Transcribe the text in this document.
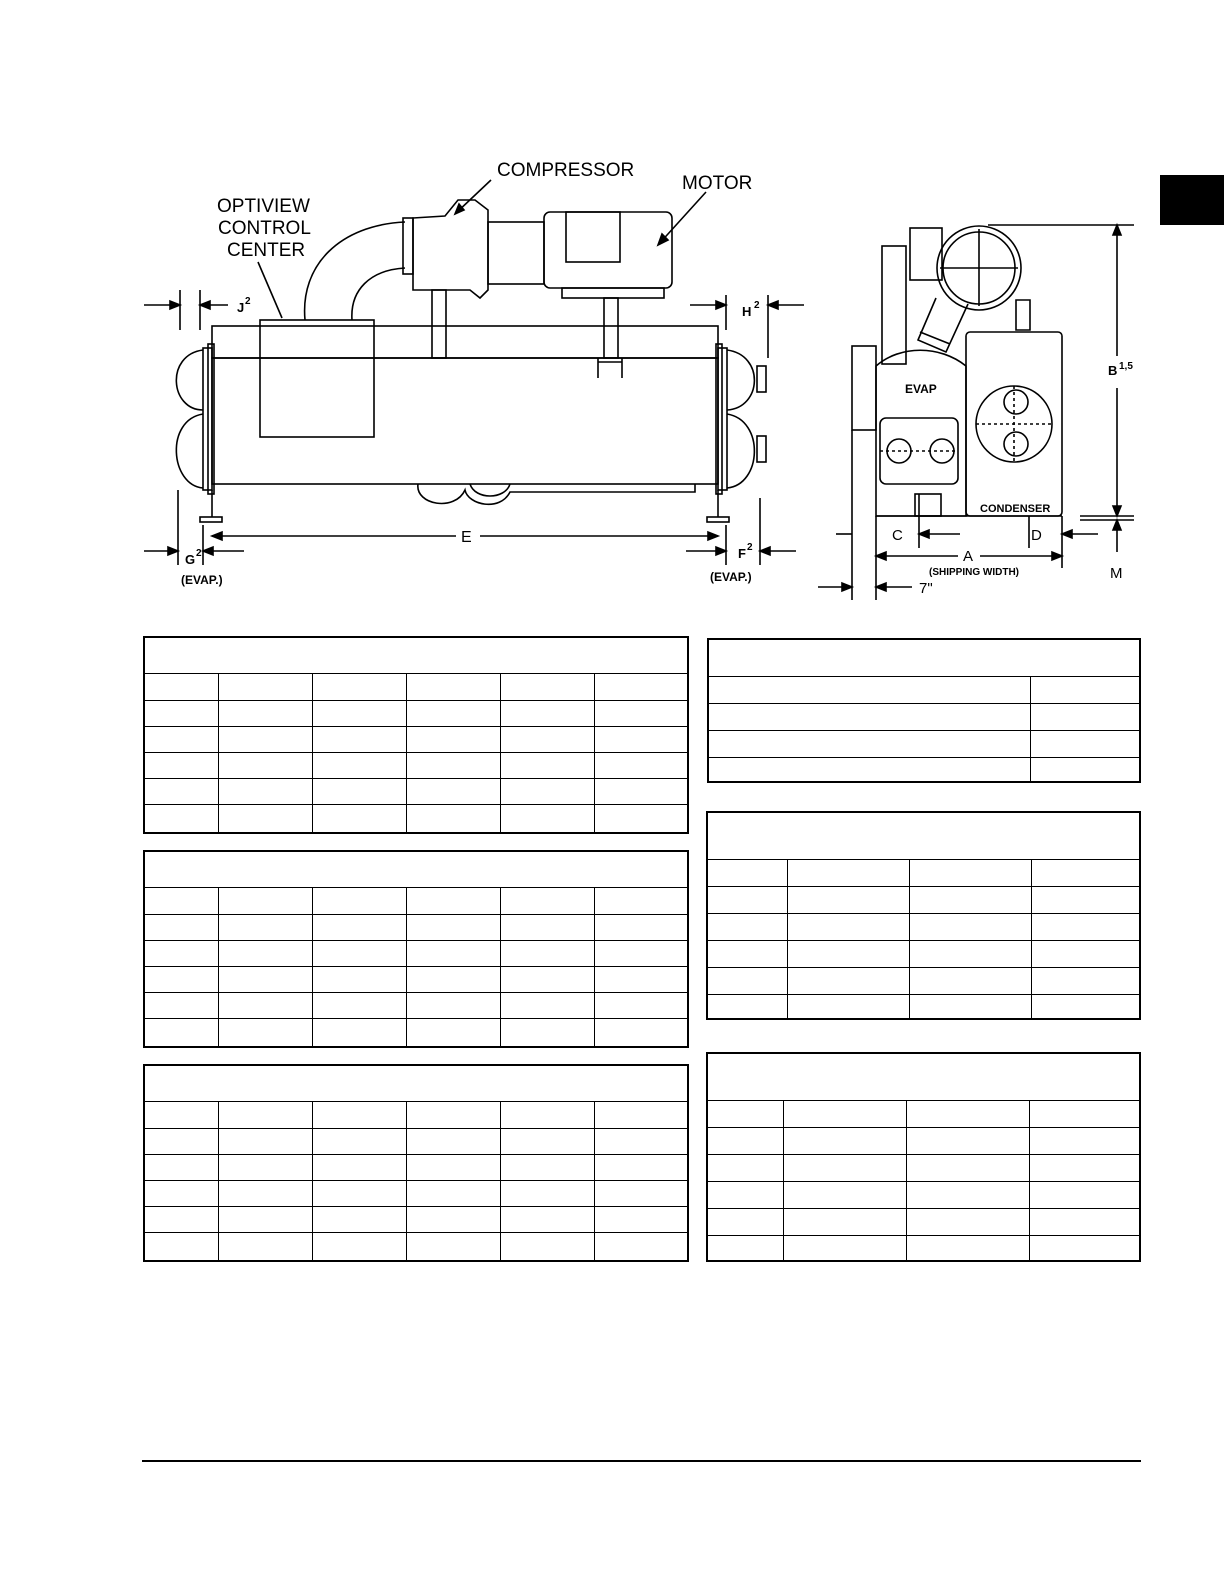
COMPRESSOR
MOTOR
OPTIVIEW
CONTROL
CENTER
J 2
H 2
E
G 2	F 2
(EVAP.)	(EVAP.)
EVAP
CONDENSER
B 1,5
C	D
A
(SHIPPING WIDTH)	M
7"
